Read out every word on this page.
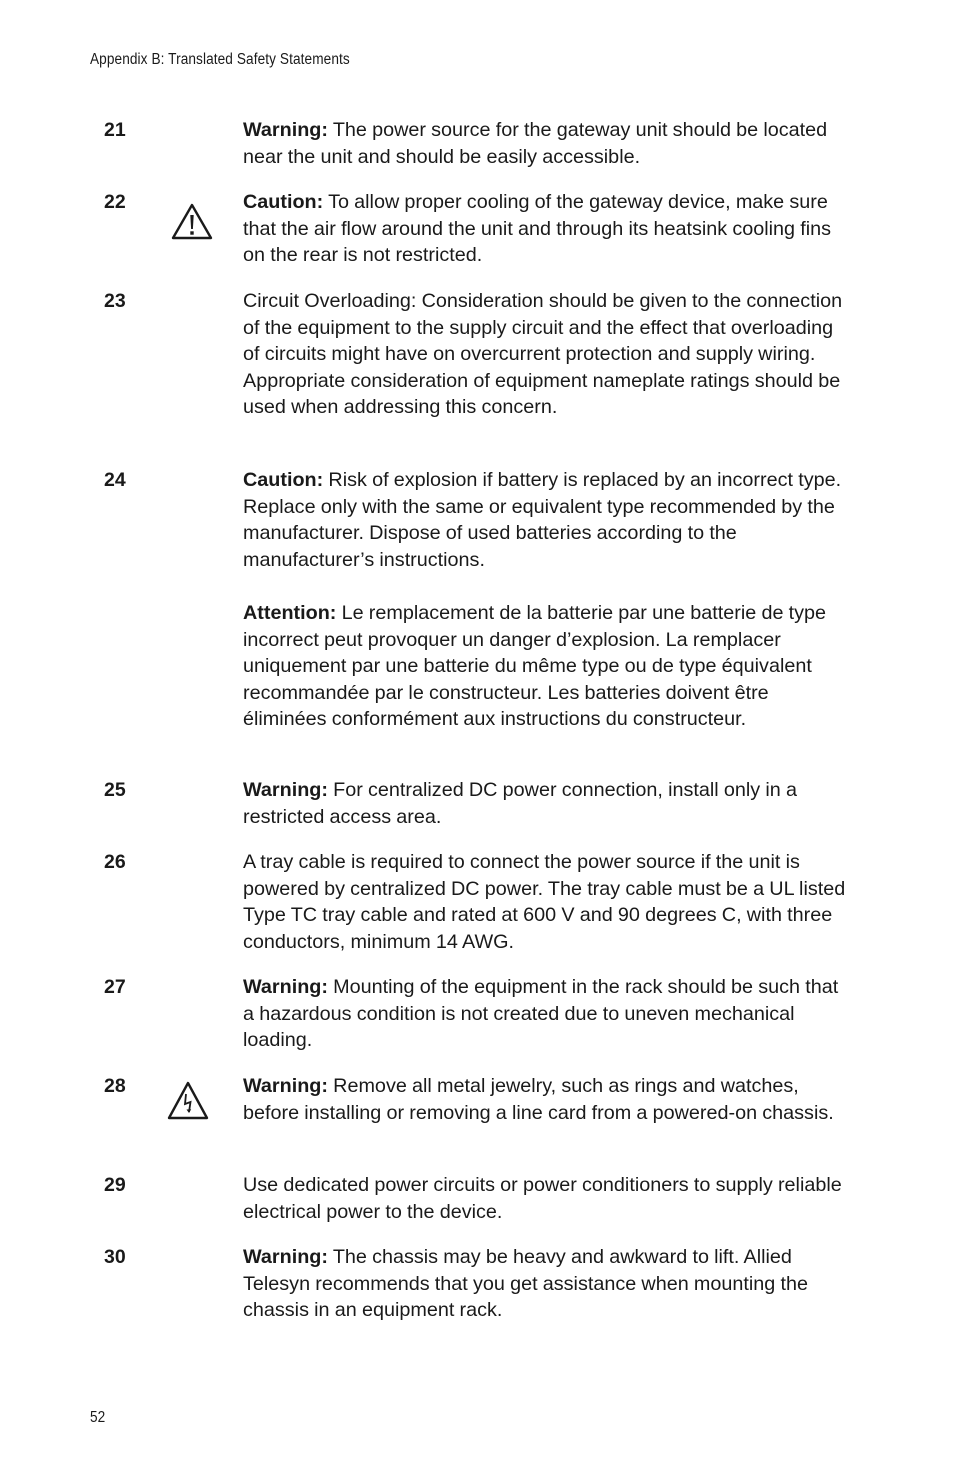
Appendix B: Translated Safety Statements
21	Warning: The power source for the gateway unit should be located near the unit and should be easily accessible.

22	Caution: To allow proper cooling of the gateway device, make sure that the air flow around the unit and through its heatsink cooling fins on the rear is not restricted.

23	Circuit Overloading: Consideration should be given to the connection of the equipment to the supply circuit and the effect that overloading of circuits might have on overcurrent protection and supply wiring. Appropriate consideration of equipment nameplate ratings should be used when addressing this concern.

24	Caution: Risk of explosion if battery is replaced by an incorrect type. Replace only with the same or equivalent type recommended by the manufacturer. Dispose of used batteries according to the manufacturer’s instructions.

Attention: Le remplacement de la batterie par une batterie de type incorrect peut provoquer un danger d’explosion. La remplacer uniquement par une batterie du même type ou de type équivalent recommandée par le constructeur. Les batteries doivent être éliminées conformément aux instructions du constructeur.

25	Warning: For centralized DC power connection, install only in a restricted access area.

26	A tray cable is required to connect the power source if the unit is powered by centralized DC power. The tray cable must be a UL listed Type TC tray cable and rated at 600 V and 90 degrees C, with three conductors, minimum 14 AWG.

27	Warning: Mounting of the equipment in the rack should be such that a hazardous condition is not created due to uneven mechanical loading.

28	Warning: Remove all metal jewelry, such as rings and watches, before installing or removing a line card from a powered-on chassis.

29	Use dedicated power circuits or power conditioners to supply reliable electrical power to the device.

30	Warning: The chassis may be heavy and awkward to lift. Allied Telesyn recommends that you get assistance when mounting the chassis in an equipment rack.

52
